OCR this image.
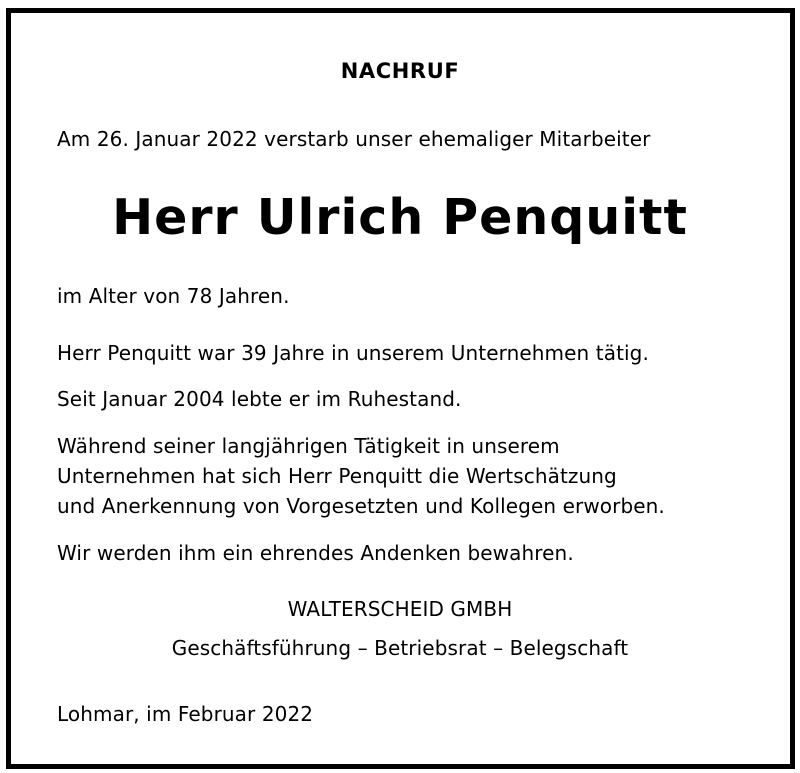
NACHRUF
Am 26. Januar 2022 verstarb unser ehemaliger Mitarbeiter
Herr Ulrich Penquitt
im Alter von 78 Jahren.
Herr Penquitt war 39 Jahre in unserem Unternehmen tätig.
Seit Januar 2004 lebte er im Ruhestand.
Während seiner langjährigen Tätigkeit in unserem
Unternehmen hat sich Herr Penquitt die Wertschätzung
und Anerkennung von Vorgesetzten und Kollegen erworben.
Wir werden ihm ein ehrendes Andenken bewahren.
WALTERSCHEID GMBH
Geschäftsführung – Betriebsrat – Belegschaft
Lohmar, im Februar 2022
